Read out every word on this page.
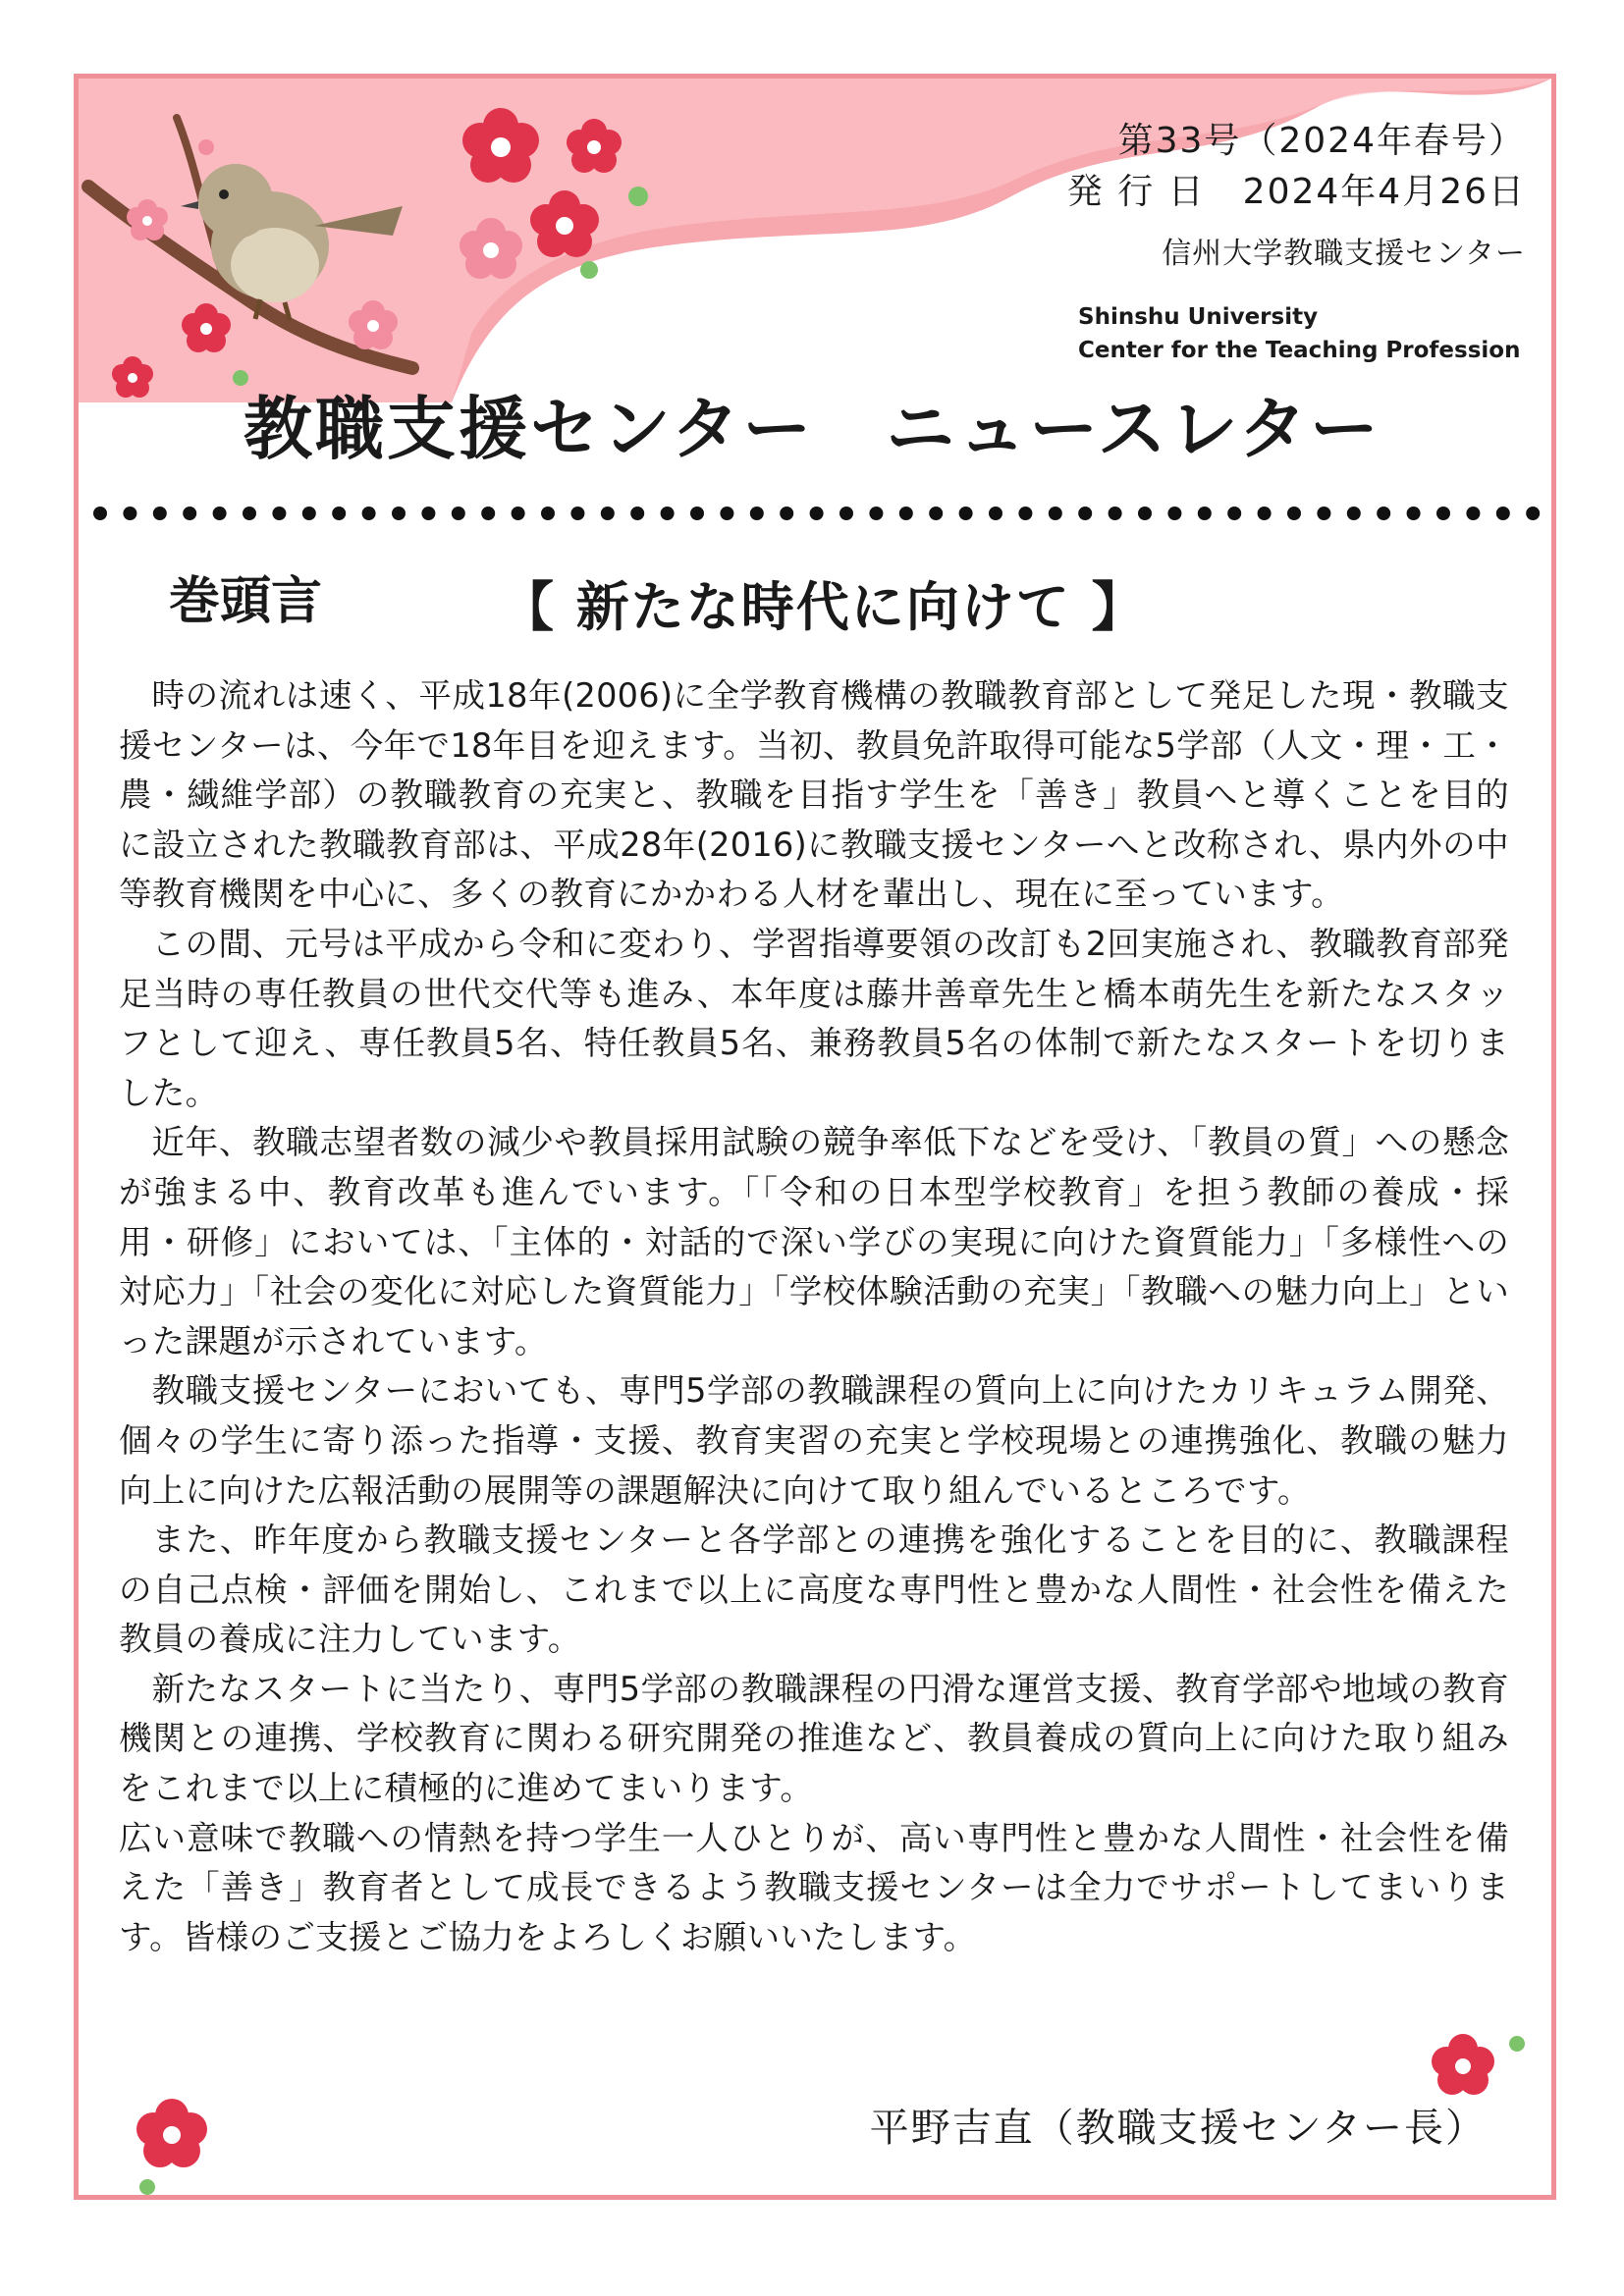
第33号（2024年春号）
発 行 日　2024年4月26日
信州大学教職支援センター
Shinshu University
Center for the Teaching Profession
教職支援センター　ニュースレター
巻頭言	【 新たな時代に向けて 】

時の流れは速く、平成18年(2006)に全学教育機構の教職教育部として発足した現・教職支援センターは、今年で18年目を迎えます。当初、教員免許取得可能な5学部（人文・理・工・農・繊維学部）の教職教育の充実と、教職を目指す学生を「善き」教員へと導くことを目的に設立された教職教育部は、平成28年(2016)に教職支援センターへと改称され、県内外の中等教育機関を中心に、多くの教育にかかわる人材を輩出し、現在に至っています。

この間、元号は平成から令和に変わり、学習指導要領の改訂も2回実施され、教職教育部発足当時の専任教員の世代交代等も進み、本年度は藤井善章先生と橋本萌先生を新たなスタッフとして迎え、専任教員5名、特任教員5名、兼務教員5名の体制で新たなスタートを切りました。

近年、教職志望者数の減少や教員採用試験の競争率低下などを受け、「教員の質」への懸念が強まる中、教育改革も進んでいます。「「令和の日本型学校教育」を担う教師の養成・採用・研修」においては、「主体的・対話的で深い学びの実現に向けた資質能力」「多様性への対応力」「社会の変化に対応した資質能力」「学校体験活動の充実」「教職への魅力向上」といった課題が示されています。

教職支援センターにおいても、専門5学部の教職課程の質向上に向けたカリキュラム開発、個々の学生に寄り添った指導・支援、教育実習の充実と学校現場との連携強化、教職の魅力向上に向けた広報活動の展開等の課題解決に向けて取り組んでいるところです。

また、昨年度から教職支援センターと各学部との連携を強化することを目的に、教職課程の自己点検・評価を開始し、これまで以上に高度な専門性と豊かな人間性・社会性を備えた教員の養成に注力しています。

新たなスタートに当たり、専門5学部の教職課程の円滑な運営支援、教育学部や地域の教育機関との連携、学校教育に関わる研究開発の推進など、教員養成の質向上に向けた取り組みをこれまで以上に積極的に進めてまいります。

広い意味で教職への情熱を持つ学生一人ひとりが、高い専門性と豊かな人間性・社会性を備えた「善き」教育者として成長できるよう教職支援センターは全力でサポートしてまいります。皆様のご支援とご協力をよろしくお願いいたします。

平野吉直（教職支援センター長）
